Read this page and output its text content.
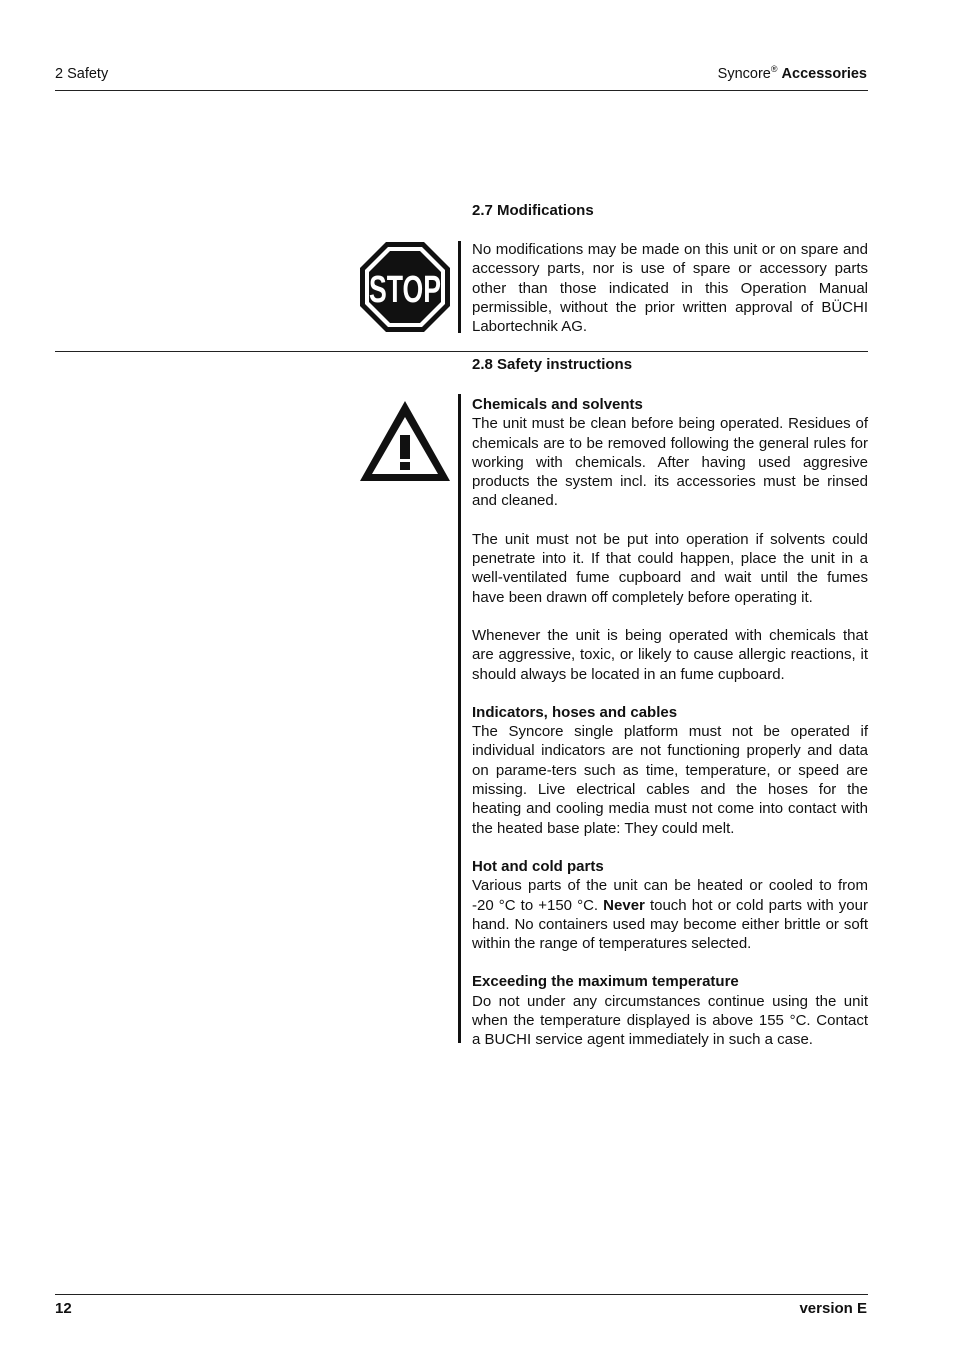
2 Safety	Syncore® Accessories
2.7 Modifications
STOP
No modifications may be made on this unit or on spare and accessory parts, nor is use of spare or accessory parts other than those indicated in this Operation Manual permissible, without the prior written approval of BÜCHI Labortechnik AG.
2.8 Safety instructions
Chemicals and solvents
The unit must be clean before being operated. Residues of chemicals are to be removed following the general rules for working with chemicals. After having used aggresive products the system incl. its accessories must be rinsed and cleaned.
The unit must not be put into operation if solvents could penetrate into it. If that could happen, place the unit in a well-ventilated fume cupboard and wait until the fumes have been drawn off completely before operating it.
Whenever the unit is being operated with chemicals that are aggressive, toxic, or likely to cause allergic reactions, it should always be located in an fume cupboard.
Indicators, hoses and cables
The Syncore single platform must not be operated if individual indicators are not functioning properly and data on parame-ters such as time, temperature, or speed are missing. Live electrical cables and the hoses for the heating and cooling media must not come into contact with the heated base plate: They could melt.
Hot and cold parts
Various parts of the unit can be heated or cooled to from -20 °C to +150 °C. Never touch hot or cold parts with your hand. No containers used may become either brittle or soft within the range of temperatures selected.
Exceeding the maximum temperature
Do not under any circumstances continue using the unit when the temperature displayed is above 155 °C. Contact a BUCHI service agent immediately in such a case.
12	version E
